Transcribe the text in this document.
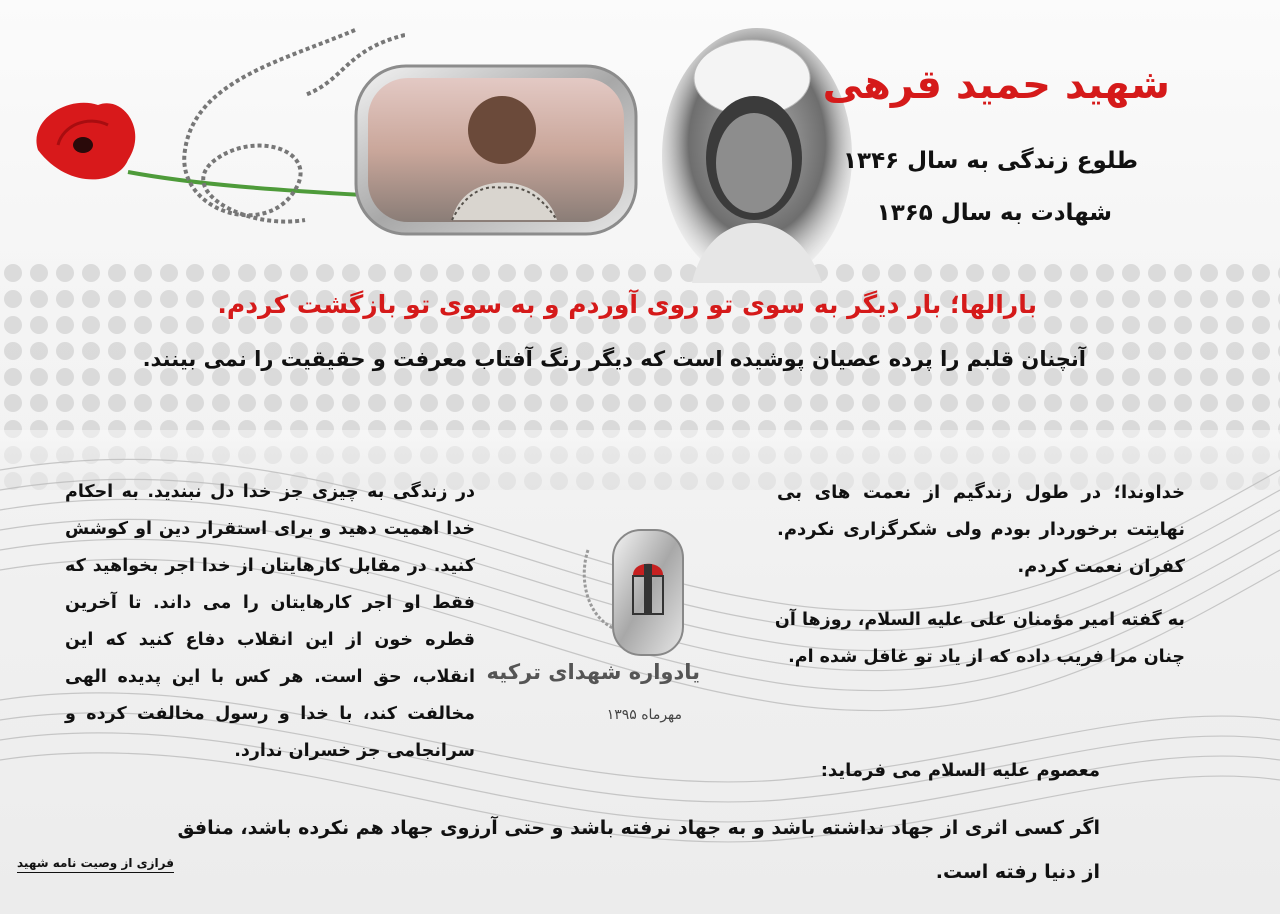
شهید حمید قرهی
طلوع زندگی به سال ۱۳۴۶
شهادت به سال ۱۳۶۵
بارالها؛ بار دیگر به سوی تو روی آوردم و به سوی تو بازگشت کردم.
آنچنان قلبم را پرده عصیان پوشیده است که دیگر رنگ آفتاب معرفت و حقیقیت را نمی بینند.
در زندگی به چیزی جز خدا دل نبندید. به احکام خدا اهمیت دهید و برای استقرار دین او کوشش کنید. در مقابل کارهایتان از خدا اجر بخواهید که فقط او اجر کارهایتان را می داند. تا آخرین قطره خون از این انقلاب دفاع کنید که این انقلاب، حق است. هر کس با این پدیده الهی مخالفت کند، با خدا و رسول مخالفت کرده و سرانجامی جز خسران ندارد.
خداوندا؛ در طول زندگیم از نعمت های بی نهایتت برخوردار بودم ولی شکرگزاری نکردم. کفران نعمت کردم.
به گفته امیر مؤمنان علی علیه السلام، روزها آن چنان مرا فریب داده که از یاد تو غافل شده ام.
یادواره شهدای ترکیه
مهرماه ۱۳۹۵
معصوم علیه السلام می فرماید:
اگر کسی اثری از جهاد نداشته باشد و به جهاد نرفته باشد و حتی آرزوی جهاد هم نکرده باشد، منافق از دنیا رفته است.
فرازی از وصیت نامه شهید
